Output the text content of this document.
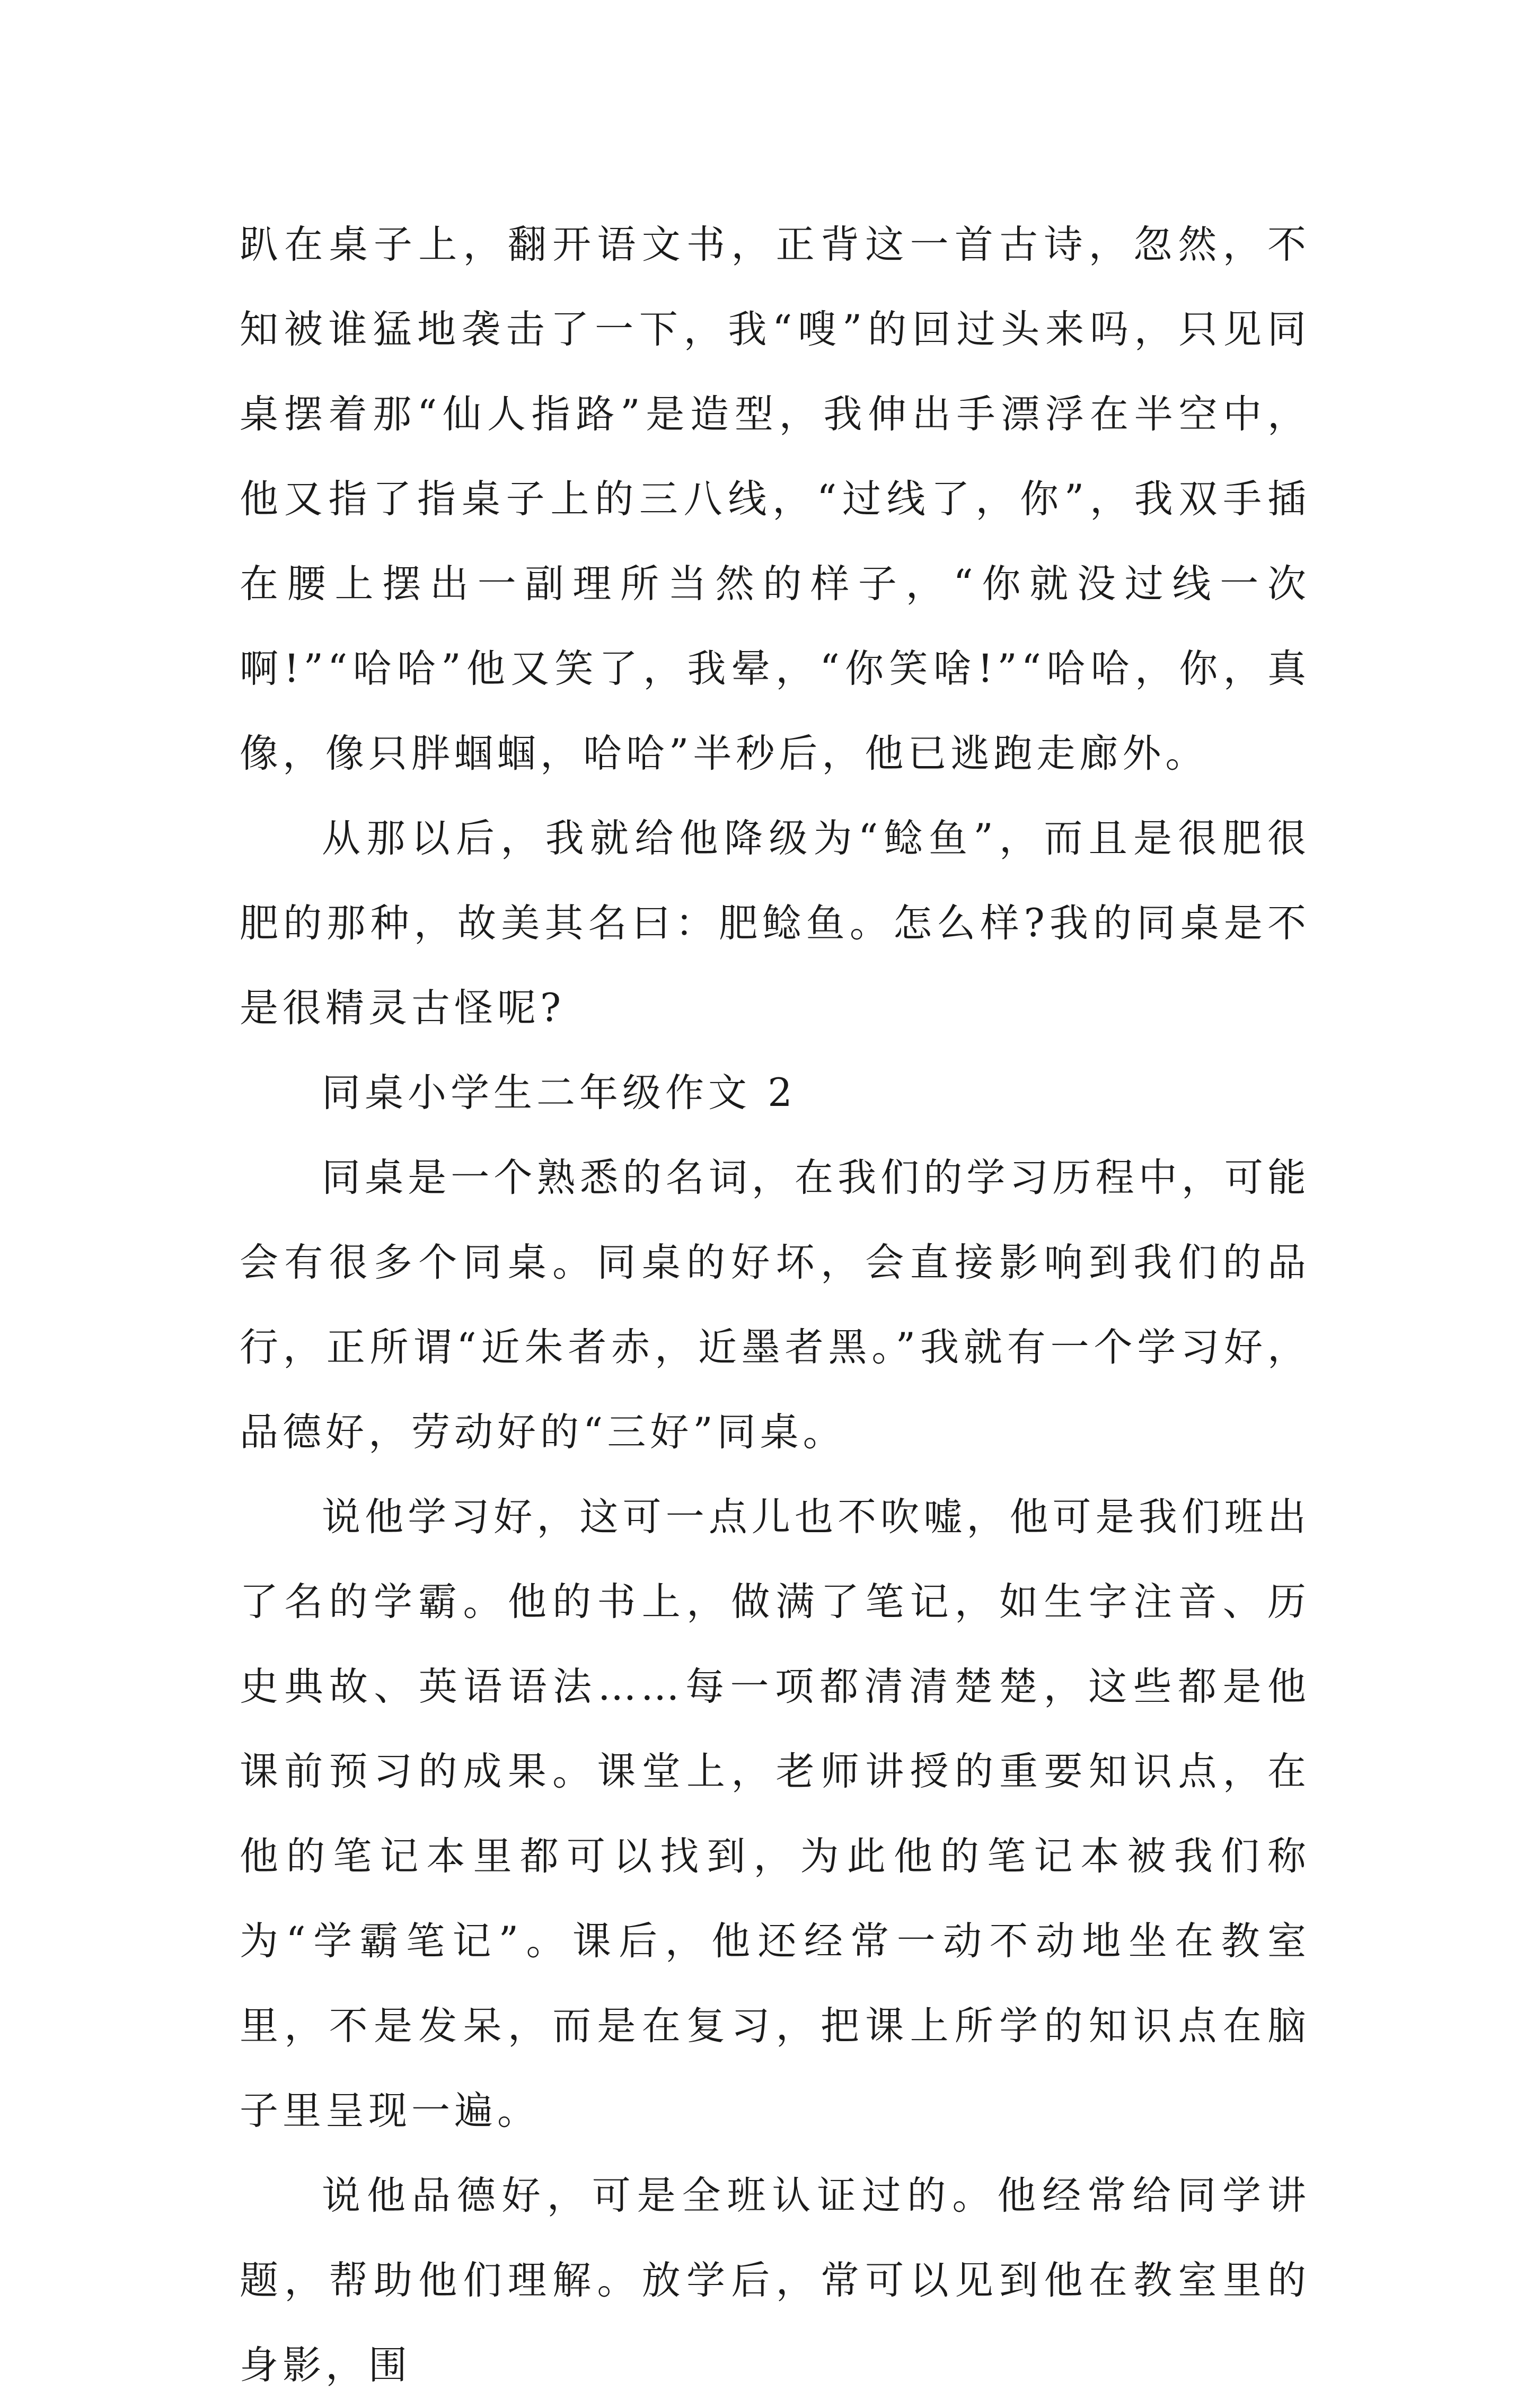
趴在桌子上，翻开语文书，正背这一首古诗，忽然，不知被谁猛地袭击了一下，我“嗖”的回过头来吗，只见同桌摆着那“仙人指路”是造型，我伸出手漂浮在半空中，他又指了指桌子上的三八线，“过线了，你”，我双手插在腰上摆出一副理所当然的样子，“你就没过线一次啊!”“哈哈”他又笑了，我晕，“你笑啥!”“哈哈，你，真像，像只胖蝈蝈，哈哈”半秒后，他已逃跑走廊外。

从那以后，我就给他降级为“鲶鱼”，而且是很肥很肥的那种，故美其名曰：肥鲶鱼。怎么样?我的同桌是不是很精灵古怪呢?

同桌小学生二年级作文 2

同桌是一个熟悉的名词，在我们的学习历程中，可能会有很多个同桌。同桌的好坏，会直接影响到我们的品行，正所谓“近朱者赤，近墨者黑。”我就有一个学习好，品德好，劳动好的“三好”同桌。

说他学习好，这可一点儿也不吹嘘，他可是我们班出了名的学霸。他的书上，做满了笔记，如生字注音、历史典故、英语语法……每一项都清清楚楚，这些都是他课前预习的成果。课堂上，老师讲授的重要知识点，在他的笔记本里都可以找到，为此他的笔记本被我们称为“学霸笔记”。课后，他还经常一动不动地坐在教室里，不是发呆，而是在复习，把课上所学的知识点在脑子里呈现一遍。

说他品德好，可是全班认证过的。他经常给同学讲题，帮助他们理解。放学后，常可以见到他在教室里的身影，围
